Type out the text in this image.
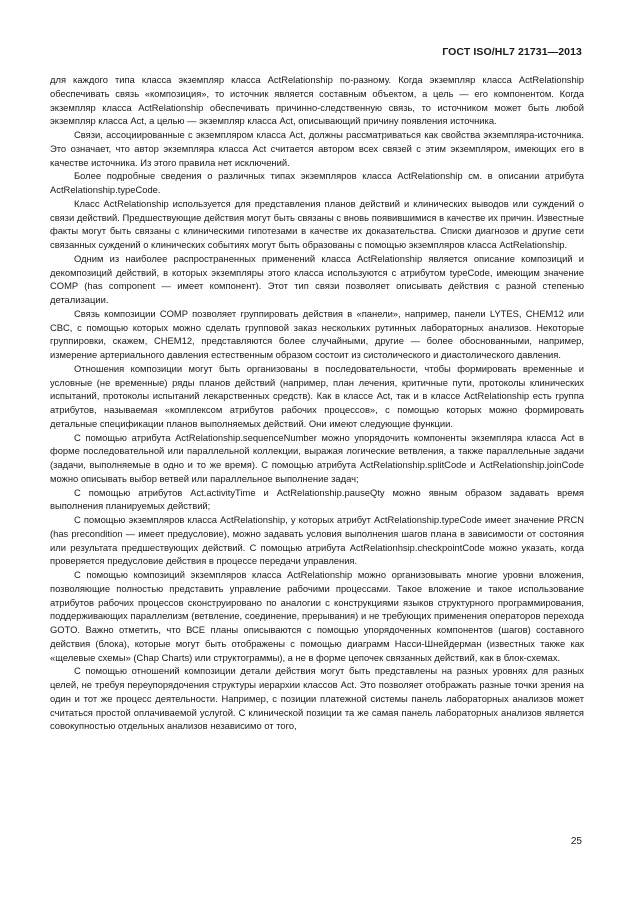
ГОСТ ISO/HL7 21731—2013

для каждого типа класса экземпляр класса ActRelationship по-разному. Когда экземпляр класса ActRelationship обеспечивать связь «композиция», то источник является составным объектом, а цель — его компонентом. Когда экземпляр класса ActRelationship обеспечивать причинно-следственную связь, то источником может быть любой экземпляр класса Act, а целью — экземпляр класса Act, описывающий причину появления источника.

Связи, ассоциированные с экземпляром класса Act, должны рассматриваться как свойства экземпляра-источника. Это означает, что автор экземпляра класса Act считается автором всех связей с этим экземпляром, имеющих его в качестве источника. Из этого правила нет исключений.

Более подробные сведения о различных типах экземпляров класса ActRelationship см. в описании атрибута ActRelationship.typeCode.

Класс ActRelationship используется для представления планов действий и клинических выводов или суждений о связи действий. Предшествующие действия могут быть связаны с вновь появившимися в качестве их причин. Известные факты могут быть связаны с клиническими гипотезами в качестве их доказательства. Списки диагнозов и другие сети связанных суждений о клинических событиях могут быть образованы с помощью экземпляров класса ActRelationship.

Одним из наиболее распространенных применений класса ActRelationship является описание композиций и декомпозиций действий, в которых экземпляры этого класса используются с атрибутом typeCode, имеющим значение COMP (has component — имеет компонент). Этот тип связи позволяет описывать действия с разной степенью детализации.

Связь композиции COMP позволяет группировать действия в «панели», например, панели LYTES, CHEM12 или CBC, с помощью которых можно сделать групповой заказ нескольких рутинных лабораторных анализов. Некоторые группировки, скажем, CHEM12, представляются более случайными, другие — более обоснованными, например, измерение артериального давления естественным образом состоит из систолического и диастолического давления.

Отношения композиции могут быть организованы в последовательности, чтобы формировать временные и условные (не временные) ряды планов действий (например, план лечения, критичные пути, протоколы клинических испытаний, протоколы испытаний лекарственных средств). Как в классе Act, так и в классе ActRelationship есть группа атрибутов, называемая «комплексом атрибутов рабочих процессов», с помощью которых можно формировать детальные спецификации планов выполняемых действий. Они имеют следующие функции.

С помощью атрибута ActRelationship.sequenceNumber можно упорядочить компоненты экземпляра класса Act в форме последовательной или параллельной коллекции, выражая логические ветвления, а также параллельные задачи (задачи, выполняемые в одно и то же время). С помощью атрибута ActRelationship.splitCode и ActRelationship.joinCode можно описывать выбор ветвей или параллельное выполнение задач;

С помощью атрибутов Act.activityTime и ActRelationship.pauseQty можно явным образом задавать время выполнения планируемых действий;

С помощью экземпляров класса ActRelationship, у которых атрибут ActRelationship.typeCode имеет значение PRCN (has precondition — имеет предусловие), можно задавать условия выполнения шагов плана в зависимости от состояния или результата предшествующих действий. С помощью атрибута ActRelationhsip.checkpointCode можно указать, когда проверяется предусловие действия в процессе передачи управления.

С помощью композиций экземпляров класса ActRelationship можно организовывать многие уровни вложения, позволяющие полностью представить управление рабочими процессами. Такое вложение и такое использование атрибутов рабочих процессов сконструировано по аналогии с конструкциями языков структурного программирования, поддерживающих параллелизм (ветвление, соединение, прерывания) и не требующих применения операторов перехода GOTO. Важно отметить, что ВСЕ планы описываются с помощью упорядоченных компонентов (шагов) составного действия (блока), которые могут быть отображены с помощью диаграмм Насси-Шнейдерман (известных также как «щелевые схемы» (Chap Charts) или структограммы), а не в форме цепочек связанных действий, как в блок-схемах.

С помощью отношений композиции детали действия могут быть представлены на разных уровнях для разных целей, не требуя переупорядочения структуры иерархии классов Act. Это позволяет отображать разные точки зрения на один и тот же процесс деятельности. Например, с позиции платежной системы панель лабораторных анализов может считаться простой оплачиваемой услугой. С клинической позиции та же самая панель лабораторных анализов является совокупностью отдельных анализов независимо от того,

25
